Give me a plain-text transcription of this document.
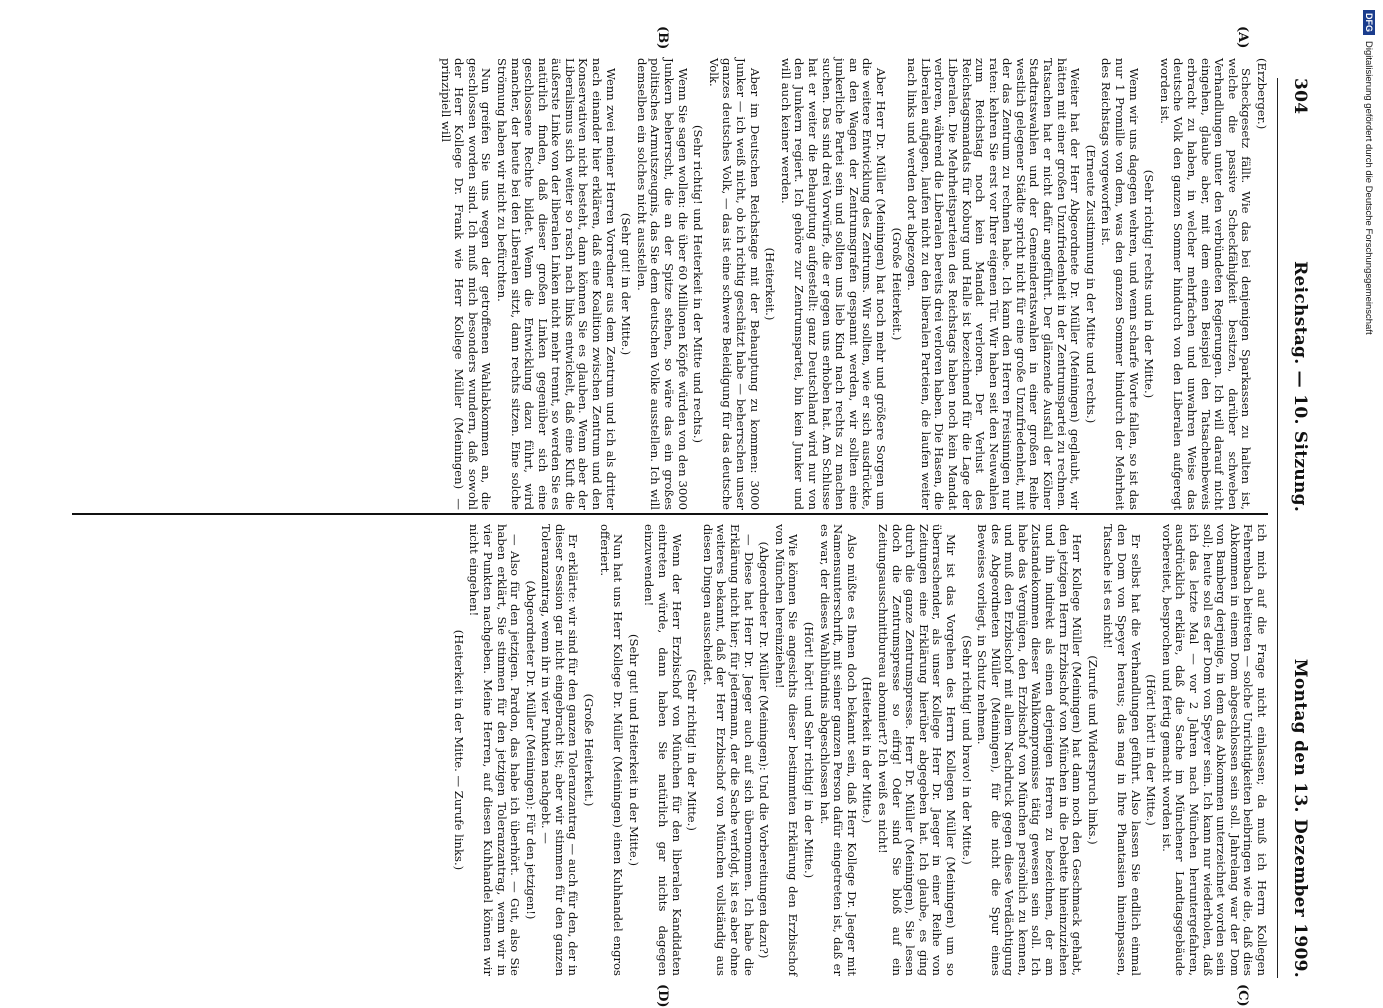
304
Reichstag. — 10. Sitzung.
Montag den 13. Dezember 1909.
(A)
(B)
(C)
(D)

(Erzberger.)

Scheckgesetz fällt. Wie das bei denjenigen Sparkassen zu halten ist, welche die passive Scheckfähigkeit besitzen, darüber schweben Verhandlungen unter den verbündeten Regierungen. Ich will darauf nicht eingehen, glaube aber, mit dem einen Beispiel den Tatsachenbeweis erbracht zu haben, in welcher mehrfachen und unwahren Weise das deutsche Volk den ganzen Sommer hindurch von den Liberalen aufgeregt worden ist.

(Sehr richtig! rechts und in der Mitte.)

Wenn wir uns dagegen wehren, und wenn scharfe Worte fallen, so ist das nur 1 Promille von dem, was den ganzen Sommer hindurch der Mehrheit des Reichstags vorgeworfen ist.

(Erneute Zustimmung in der Mitte und rechts.)

Weiter hat der Herr Abgeordnete Dr. Müller (Meiningen) geglaubt, wir hätten mit einer großen Unzufriedenheit in der Zentrumspartei zu rechnen. Tatsachen hat er nicht dafür angeführt. Der glänzende Ausfall der Kölner Stadtratswahlen und der Gemeinderatswahlen in einer großen Reihe westlich gelegener Städte spricht nicht für eine große Unzufriedenheit, mit der das Zentrum zu rechnen habe. Ich kann den Herren Freisinnigen nur raten: kehren Sie erst vor Ihrer eigenen Tür. Wir haben seit den Neuwahlen zum Reichstag noch kein Mandat verloren. Der Verlust des Reichstagsmandats für Koburg und Halle ist bezeichnend für die Lage der Liberalen. Die Mehrheitsparteien des Reichstags haben noch kein Mandat verloren, während die Liberalen bereits drei verloren haben. Die Hasen, die Liberalen aufjagen, laufen nicht zu den liberalen Parteien, die laufen weiter nach links und werden dort abgezogen.

(Große Heiterkeit.)

Aber Herr Dr. Müller (Meiningen) hat noch mehr und größere Sorgen um die weitere Entwicklung des Zentrums. Wir sollten, wie er sich ausdrückte, an den Wagen der Zentrumsgrafen gespannt werden, wir sollten eine junkerliche Partei sein und sollten uns lieb Kind nach rechts zu machen suchen. Das sind drei Vorwürfe, die er gegen uns erhoben hat. Am Schlusse hat er weiter die Behauptung aufgestellt: ganz Deutschland wird nur von den Junkern regiert. Ich gehöre zur Zentrumspartei, bin kein Junker und will auch keiner werden.

(Heiterkeit.)

Aber im Deutschen Reichstage mit der Behauptung zu kommen: 3000 Junker — ich weiß nicht, ob ich richtig geschätzt habe — beherrschen unser ganzes deutsches Volk, — das ist eine schwere Beleidigung für das deutsche Volk.

(Sehr richtig! und Heiterkeit in der Mitte und rechts.)

Wenn Sie sagen wollen: die über 60 Millionen Köpfe würden von den 3000 Junkern beherrscht, die an der Spitze stehen, so wäre das ein großes politisches Armutszeugnis, das Sie dem deutschen Volke ausstellen. Ich will demselben ein solches nicht ausstellen.

(Sehr gut! in der Mitte.)

Wenn zwei meiner Herren Vorredner aus dem Zentrum und ich als dritter nach einander hier erklären, daß eine Koalition zwischen Zentrum und den Konservativen nicht besteht, dann können Sie es glauben. Wenn aber der Liberalismus sich weiter so rasch nach links entwickelt, daß eine Kluft die äußerste Linke von der liberalen Linken nicht mehr trennt, so werden Sie es natürlich finden, daß dieser großen Linken gegenüber sich eine geschlossene Rechte bildet. Wenn die Entwicklung dazu führt, wird mancher, der heute bei den Liberalen sitzt, dann rechts sitzen. Eine solche Strömung haben wir nicht zu befürchten.

Nun greifen Sie uns wegen der getroffenen Wahlabkommen an, die geschlossen worden sind. Ich muß mich besonders wundern, daß sowohl der Herr Kollege Dr. Frank wie Herr Kollege Müller (Meiningen) — prinzipiell will

ich mich auf die Frage nicht einlassen; da muß ich Herrn Kollegen Fehrenbach beitreten — solche Unrichtigkeiten beibringen wie die, daß dies Abkommen in einem Dom abgeschlossen sein soll. Jahrelang war der Dom von Bamberg derjenige, in dem das Abkommen unterzeichnet worden sein soll; heute soll es der Dom von Speyer sein. Ich kann nur wiederholen, daß ich das letzte Mal — vor 2 Jahren nach München heruntergefahren, ausdrücklich erkläre, daß die Sache im Münchener Landtagsgebäude vorbereitet, besprochen und fertig gemacht worden ist.

(Hört! hört! in der Mitte.)

Er selbst hat die Verhandlungen geführt. Also lassen Sie endlich einmal den Dom von Speyer heraus; das mag in Ihre Phantasien hineinpassen, Tatsache ist es nicht!

(Zurufe und Widerspruch links.)

Herr Kollege Müller (Meiningen) hat dann noch den Geschmack gehabt, den jetzigen Herrn Erzbischof von München in die Debatte hineinzuziehen und ihn indirekt als einen derjenigen Herren zu bezeichnen, der am Zustandekommen dieser Wahlkompromisse tätig gewesen sein soll. Ich habe das Vergnügen, den Erzbischof von München persönlich zu kennen, und muß den Erzbischof mit allem Nachdruck gegen diese Verdächtigung des Abgeordneten Müller (Meiningen), für die nicht die Spur eines Beweises vorliegt, in Schutz nehmen.

(Sehr richtig! und bravo! in der Mitte.)

Mir ist das Vorgehen des Herrn Kollegen Müller (Meiningen) um so überraschender, als unser Kollege Herr Dr. Jaeger in einer Reihe von Zeitungen eine Erklärung hierüber abgegeben hat. Ich glaube, es ging durch die ganze Zentrumspresse. Herr Dr. Müller (Meiningen), Sie lesen doch die Zentrumspresse so eifrig! Oder sind Sie bloß auf ein Zeitungsausschnittbureau abonniert? Ich weiß es nicht!

(Heiterkeit in der Mitte.)

Also müßte es Ihnen doch bekannt sein, daß Herr Kollege Dr. Jaeger mit Namensunterschrift, mit seiner ganzen Person dafür eingetreten ist, daß er es war, der dieses Wahlbündnis abgeschlossen hat.

(Hört! hört! und Sehr richtig! in der Mitte.)

Wie können Sie angesichts dieser bestimmten Erklärung den Erzbischof von München hereinziehen!

(Abgeordneter Dr. Müller (Meiningen): Und die Vorbereitungen dazu?)

— Diese hat Herr Dr. Jaeger auch auf sich übernommen. Ich habe die Erklärung nicht hier; für jedermann, der die Sache verfolgt, ist es aber ohne weiteres bekannt, daß der Herr Erzbischof von München vollständig aus diesen Dingen ausscheidet.

(Sehr richtig! in der Mitte.)

Wenn der Herr Erzbischof von München für den liberalen Kandidaten eintreten würde, dann haben Sie natürlich gar nichts dagegen einzuwenden!

(Sehr gut! und Heiterkeit in der Mitte.)

Nun hat uns Herr Kollege Dr. Müller (Meiningen) einen Kuhhandel engros offeriert.

(Große Heiterkeit.)

Er erklärte: wir sind für den ganzen Toleranzantrag — auch für den, der in dieser Session gar nicht eingebracht ist; aber wir stimmen für den ganzen Toleranzantrag, wenn ihr in vier Punkten nachgebt. —

(Abgeordneter Dr. Müller (Meiningen): Für den jetzigen!)

— Also für den jetzigen. Pardon, das habe ich überhört. — Gut, also Sie haben erklärt, Sie stimmen für den jetzigen Toleranzantrag, wenn wir in vier Punkten nachgeben. Meine Herren, auf diesen Kuhhandel können wir nicht eingehen!

(Heiterkeit in der Mitte. — Zurufe links.)

DFG
Digitalisierung gefördert durch die Deutsche Forschungsgemeinschaft
